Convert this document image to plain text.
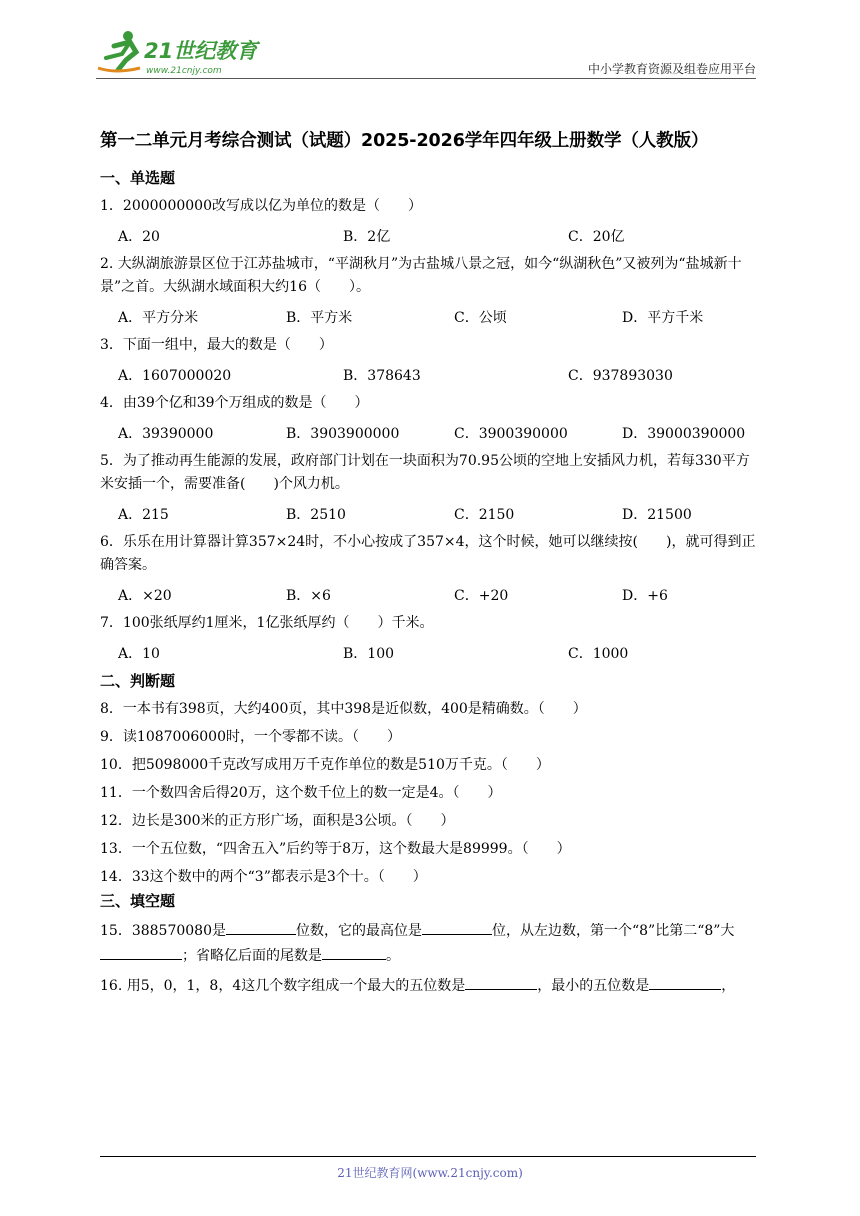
21世纪教育
www.21cnjy.com	中小学教育资源及组卷应用平台
第一二单元月考综合测试（试题）2025-2026学年四年级上册数学（人教版）
一、单选题
1．2000000000改写成以亿为单位的数是（　　）
A．20	B．2亿	C．20亿
2. 大纵湖旅游景区位于江苏盐城市，“平湖秋月”为古盐城八景之冠，如今“纵湖秋色”又被列为“盐城新十景”之首。大纵湖水域面积大约16（　　）。
A．平方分米	B．平方米	C．公顷	D．平方千米
3．下面一组中，最大的数是（　　）
A．1607000020	B．378643	C．937893030
4．由39个亿和39个万组成的数是（　　）
A．39390000	B．3903900000	C．3900390000	D．39000390000
5．为了推动再生能源的发展，政府部门计划在一块面积为70.95公顷的空地上安插风力机，若每330平方米安插一个，需要准备(　　)个风力机。
A．215	B．2510	C．2150	D．21500
6．乐乐在用计算器计算357×24时，不小心按成了357×4，这个时候，她可以继续按(　　)，就可得到正确答案。
A．×20	B．×6	C．+20	D．+6
7．100张纸厚约1厘米，1亿张纸厚约（　　）千米。
A．10	B．100	C．1000
二、判断题
8．一本书有398页，大约400页，其中398是近似数，400是精确数。（　　）
9．读1087006000时，一个零都不读。（　　）
10．把5098000千克改写成用万千克作单位的数是510万千克。（　　）
11．一个数四舍后得20万，这个数千位上的数一定是4。（　　）
12．边长是300米的正方形广场，面积是3公顷。（　　）
13．一个五位数，“四舍五入”后约等于8万，这个数最大是89999。（　　）
14．33这个数中的两个“3”都表示是3个十。（　　）
三、填空题
15．388570080是	位数，它的最高位是	位，从左边数，第一个“8”比第二“8”大；省略亿后面的尾数是	。
16. 用5，0，1，8，4这几个数字组成一个最大的五位数是	，最小的五位数是	，
21世纪教育网(www.21cnjy.com)
